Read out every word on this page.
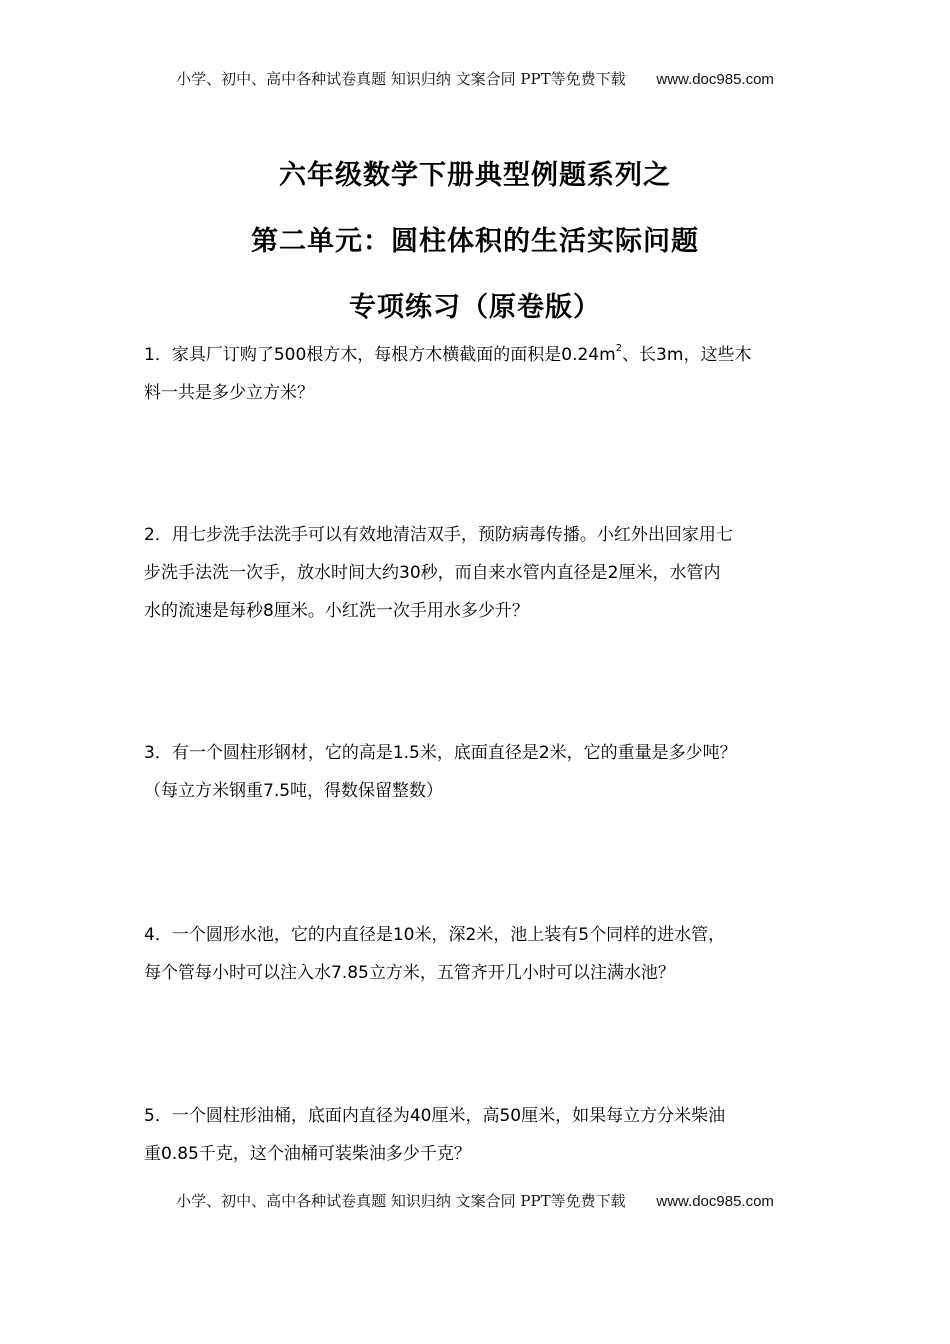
小学、初中、高中各种试卷真题 知识归纳 文案合同 PPT等免费下载 www.doc985.com
六年级数学下册典型例题系列之
第二单元：圆柱体积的生活实际问题
专项练习（原卷版）

1．家具厂订购了500根方木，每根方木横截面的面积是$0.24m^2$、长3m，这些木

料一共是多少立方米？

2．用七步洗手法洗手可以有效地清洁双手，预防病毒传播。小红外出回家用七

步洗手法洗一次手，放水时间大约30秒，而自来水管内直径是2厘米，水管内

水的流速是每秒8厘米。小红洗一次手用水多少升？

3．有一个圆柱形钢材，它的高是1.5米，底面直径是2米，它的重量是多少吨？

（每立方米钢重7.5吨，得数保留整数）

4．一个圆形水池，它的内直径是10米，深2米，池上装有5个同样的进水管，

每个管每小时可以注入水7.85立方米，五管齐开几小时可以注满水池？

5．一个圆柱形油桶，底面内直径为40厘米，高50厘米，如果每立方分米柴油

重0.85千克，这个油桶可装柴油多少千克？

小学、初中、高中各种试卷真题 知识归纳 文案合同 PPT等免费下载 www.doc985.com
